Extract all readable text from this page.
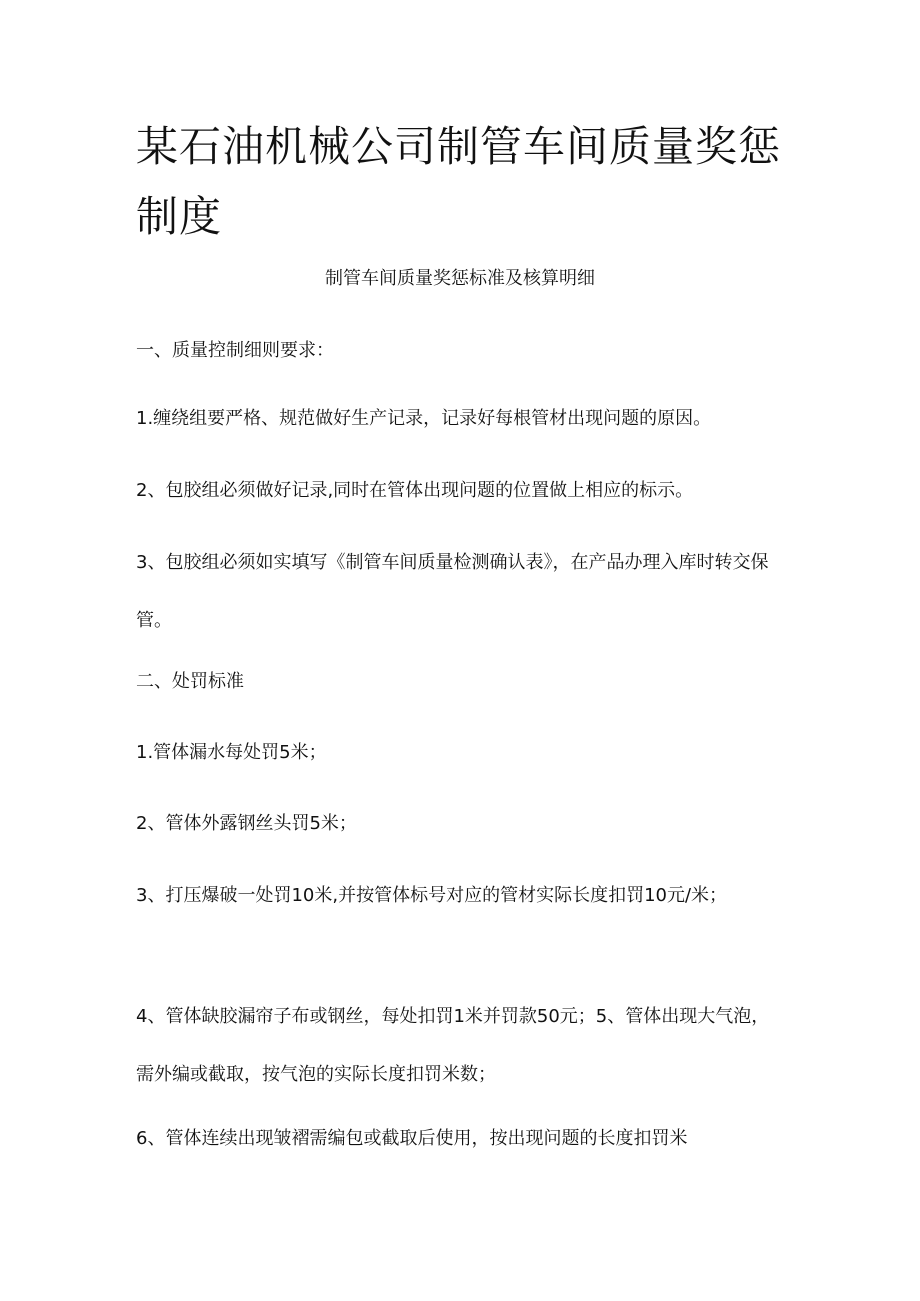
某石油机械公司制管车间质量奖惩制度
制管车间质量奖惩标准及核算明细

一、质量控制细则要求：

1.缠绕组要严格、规范做好生产记录，记录好每根管材出现问题的原因。

2、包胶组必须做好记录,同时在管体出现问题的位置做上相应的标示。

3、包胶组必须如实填写《制管车间质量检测确认表》，在产品办理入库时转交保管。

二、处罚标准

1.管体漏水每处罚5米；

2、管体外露钢丝头罚5米；

3、打压爆破一处罚10米,并按管体标号对应的管材实际长度扣罚10元/米；

4、管体缺胶漏帘子布或钢丝，每处扣罚1米并罚款50元；5、管体出现大气泡，需外编或截取，按气泡的实际长度扣罚米数；

6、管体连续出现皱褶需编包或截取后使用，按出现问题的长度扣罚米
